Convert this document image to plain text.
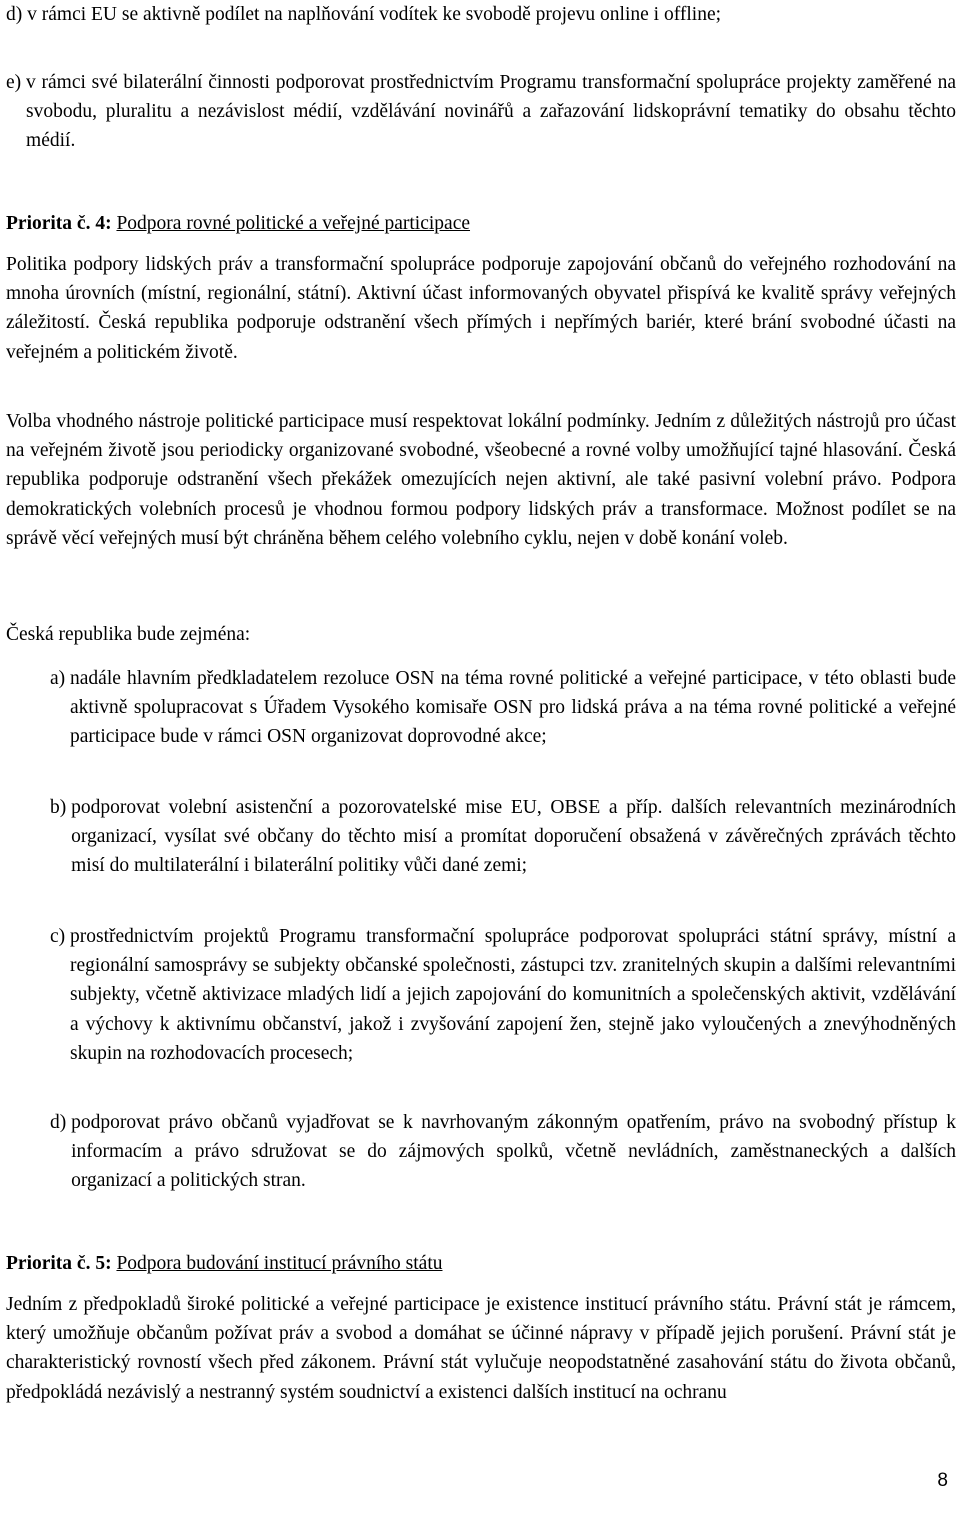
d) v rámci EU se aktivně podílet na naplňování vodítek ke svobodě projevu online i offline;
e) v rámci své bilaterální činnosti podporovat prostřednictvím Programu transformační spolupráce projekty zaměřené na svobodu, pluralitu a nezávislost médií, vzdělávání novinářů a zařazování lidskoprávní tematiky do obsahu těchto médií.
Priorita č. 4: Podpora rovné politické a veřejné participace
Politika podpory lidských práv a transformační spolupráce podporuje zapojování občanů do veřejného rozhodování na mnoha úrovních (místní, regionální, státní). Aktivní účast informovaných obyvatel přispívá ke kvalitě správy veřejných záležitostí. Česká republika podporuje odstranění všech přímých i nepřímých bariér, které brání svobodné účasti na veřejném a politickém životě.
Volba vhodného nástroje politické participace musí respektovat lokální podmínky. Jedním z důležitých nástrojů pro účast na veřejném životě jsou periodicky organizované svobodné, všeobecné a rovné volby umožňující tajné hlasování. Česká republika podporuje odstranění všech překážek omezujících nejen aktivní, ale také pasivní volební právo. Podpora demokratických volebních procesů je vhodnou formou podpory lidských práv a transformace. Možnost podílet se na správě věcí veřejných musí být chráněna během celého volebního cyklu, nejen v době konání voleb.
Česká republika bude zejména:
a) nadále hlavním předkladatelem rezoluce OSN na téma rovné politické a veřejné participace, v této oblasti bude aktivně spolupracovat s Úřadem Vysokého komisaře OSN pro lidská práva a na téma rovné politické a veřejné participace bude v rámci OSN organizovat doprovodné akce;
b) podporovat volební asistenční a pozorovatelské mise EU, OBSE a příp. dalších relevantních mezinárodních organizací, vysílat své občany do těchto misí a promítat doporučení obsažená v závěrečných zprávách těchto misí do multilaterální i bilaterální politiky vůči dané zemi;
c) prostřednictvím projektů Programu transformační spolupráce podporovat spolupráci státní správy, místní a regionální samosprávy se subjekty občanské společnosti, zástupci tzv. zranitelných skupin a dalšími relevantními subjekty, včetně aktivizace mladých lidí a jejich zapojování do komunitních a společenských aktivit, vzdělávání a výchovy k aktivnímu občanství, jakož i zvyšování zapojení žen, stejně jako vyloučených a znevýhodněných skupin na rozhodovacích procesech;
d) podporovat právo občanů vyjadřovat se k navrhovaným zákonným opatřením, právo na svobodný přístup k informacím a právo sdružovat se do zájmových spolků, včetně nevládních, zaměstnaneckých a dalších organizací a politických stran.
Priorita č. 5: Podpora budování institucí právního státu
Jedním z předpokladů široké politické a veřejné participace je existence institucí právního státu. Právní stát je rámcem, který umožňuje občanům požívat práv a svobod a domáhat se účinné nápravy v případě jejich porušení. Právní stát je charakteristický rovností všech před zákonem. Právní stát vylučuje neopodstatněné zasahování státu do života občanů, předpokládá nezávislý a nestranný systém soudnictví a existenci dalších institucí na ochranu
8
